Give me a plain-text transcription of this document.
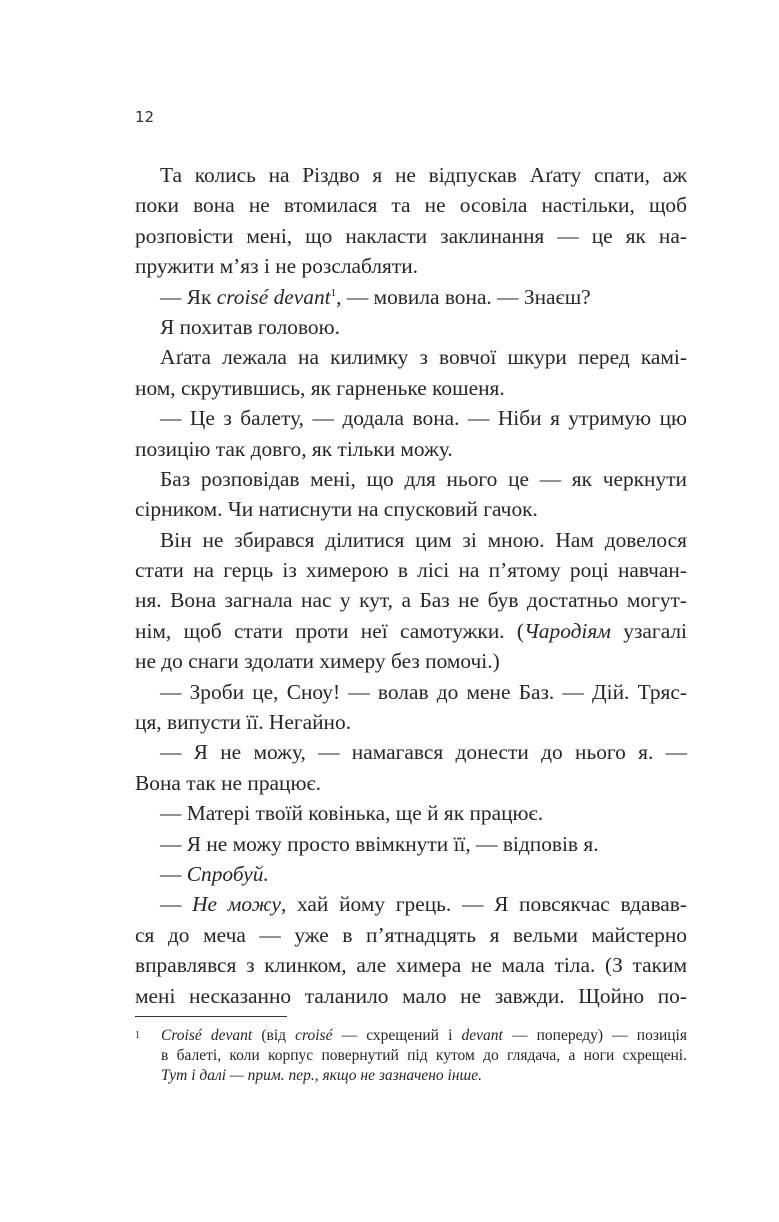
12
Та колись на Різдво я не відпускав Аґату спати, аж
поки вона не втомилася та не осовіла настільки, щоб
розповісти мені, що накласти заклинання — це як на-
пружити м’яз і не розслабляти.
— Як croisé devant$^1$, — мовила вона. — Знаєш?
Я похитав головою.
Аґата лежала на килимку з вовчої шкури перед камі-
ном, скрутившись, як гарненьке кошеня.
— Це з балету, — додала вона. — Ніби я утримую цю
позицію так довго, як тільки можу.
Баз розповідав мені, що для нього це — як черкнути
сірником. Чи натиснути на спусковий гачок.
Він не збирався ділитися цим зі мною. Нам довелося
стати на герць із химерою в лісі на п’ятому році навчан-
ня. Вона загнала нас у кут, а Баз не був достатньо могут-
нім, щоб стати проти неї самотужки. (Чародіям узагалі
не до снаги здолати химеру без помочі.)
— Зроби це, Сноу! — волав до мене Баз. — Дій. Тряс-
ця, випусти її. Негайно.
— Я не можу, — намагався донести до нього я. —
Вона так не працює.
— Матері твоїй ковінька, ще й як працює.
— Я не можу просто ввімкнути її, — відповів я.
— Спробуй.
— Не можу, хай йому грець. — Я повсякчас вдавав-
ся до меча — уже в п’ятнадцять я вельми майстерно
вправлявся з клинком, але химера не мала тіла. (З таким
мені несказанно таланило мало не завжди. Щойно по-
1 Croisé devant (від croisé — схрещений і devant — попереду) — позиція
в балеті, коли корпус повернутий під кутом до глядача, а ноги схрещені.
Тут і далі — прим. пер., якщо не зазначено інше.
